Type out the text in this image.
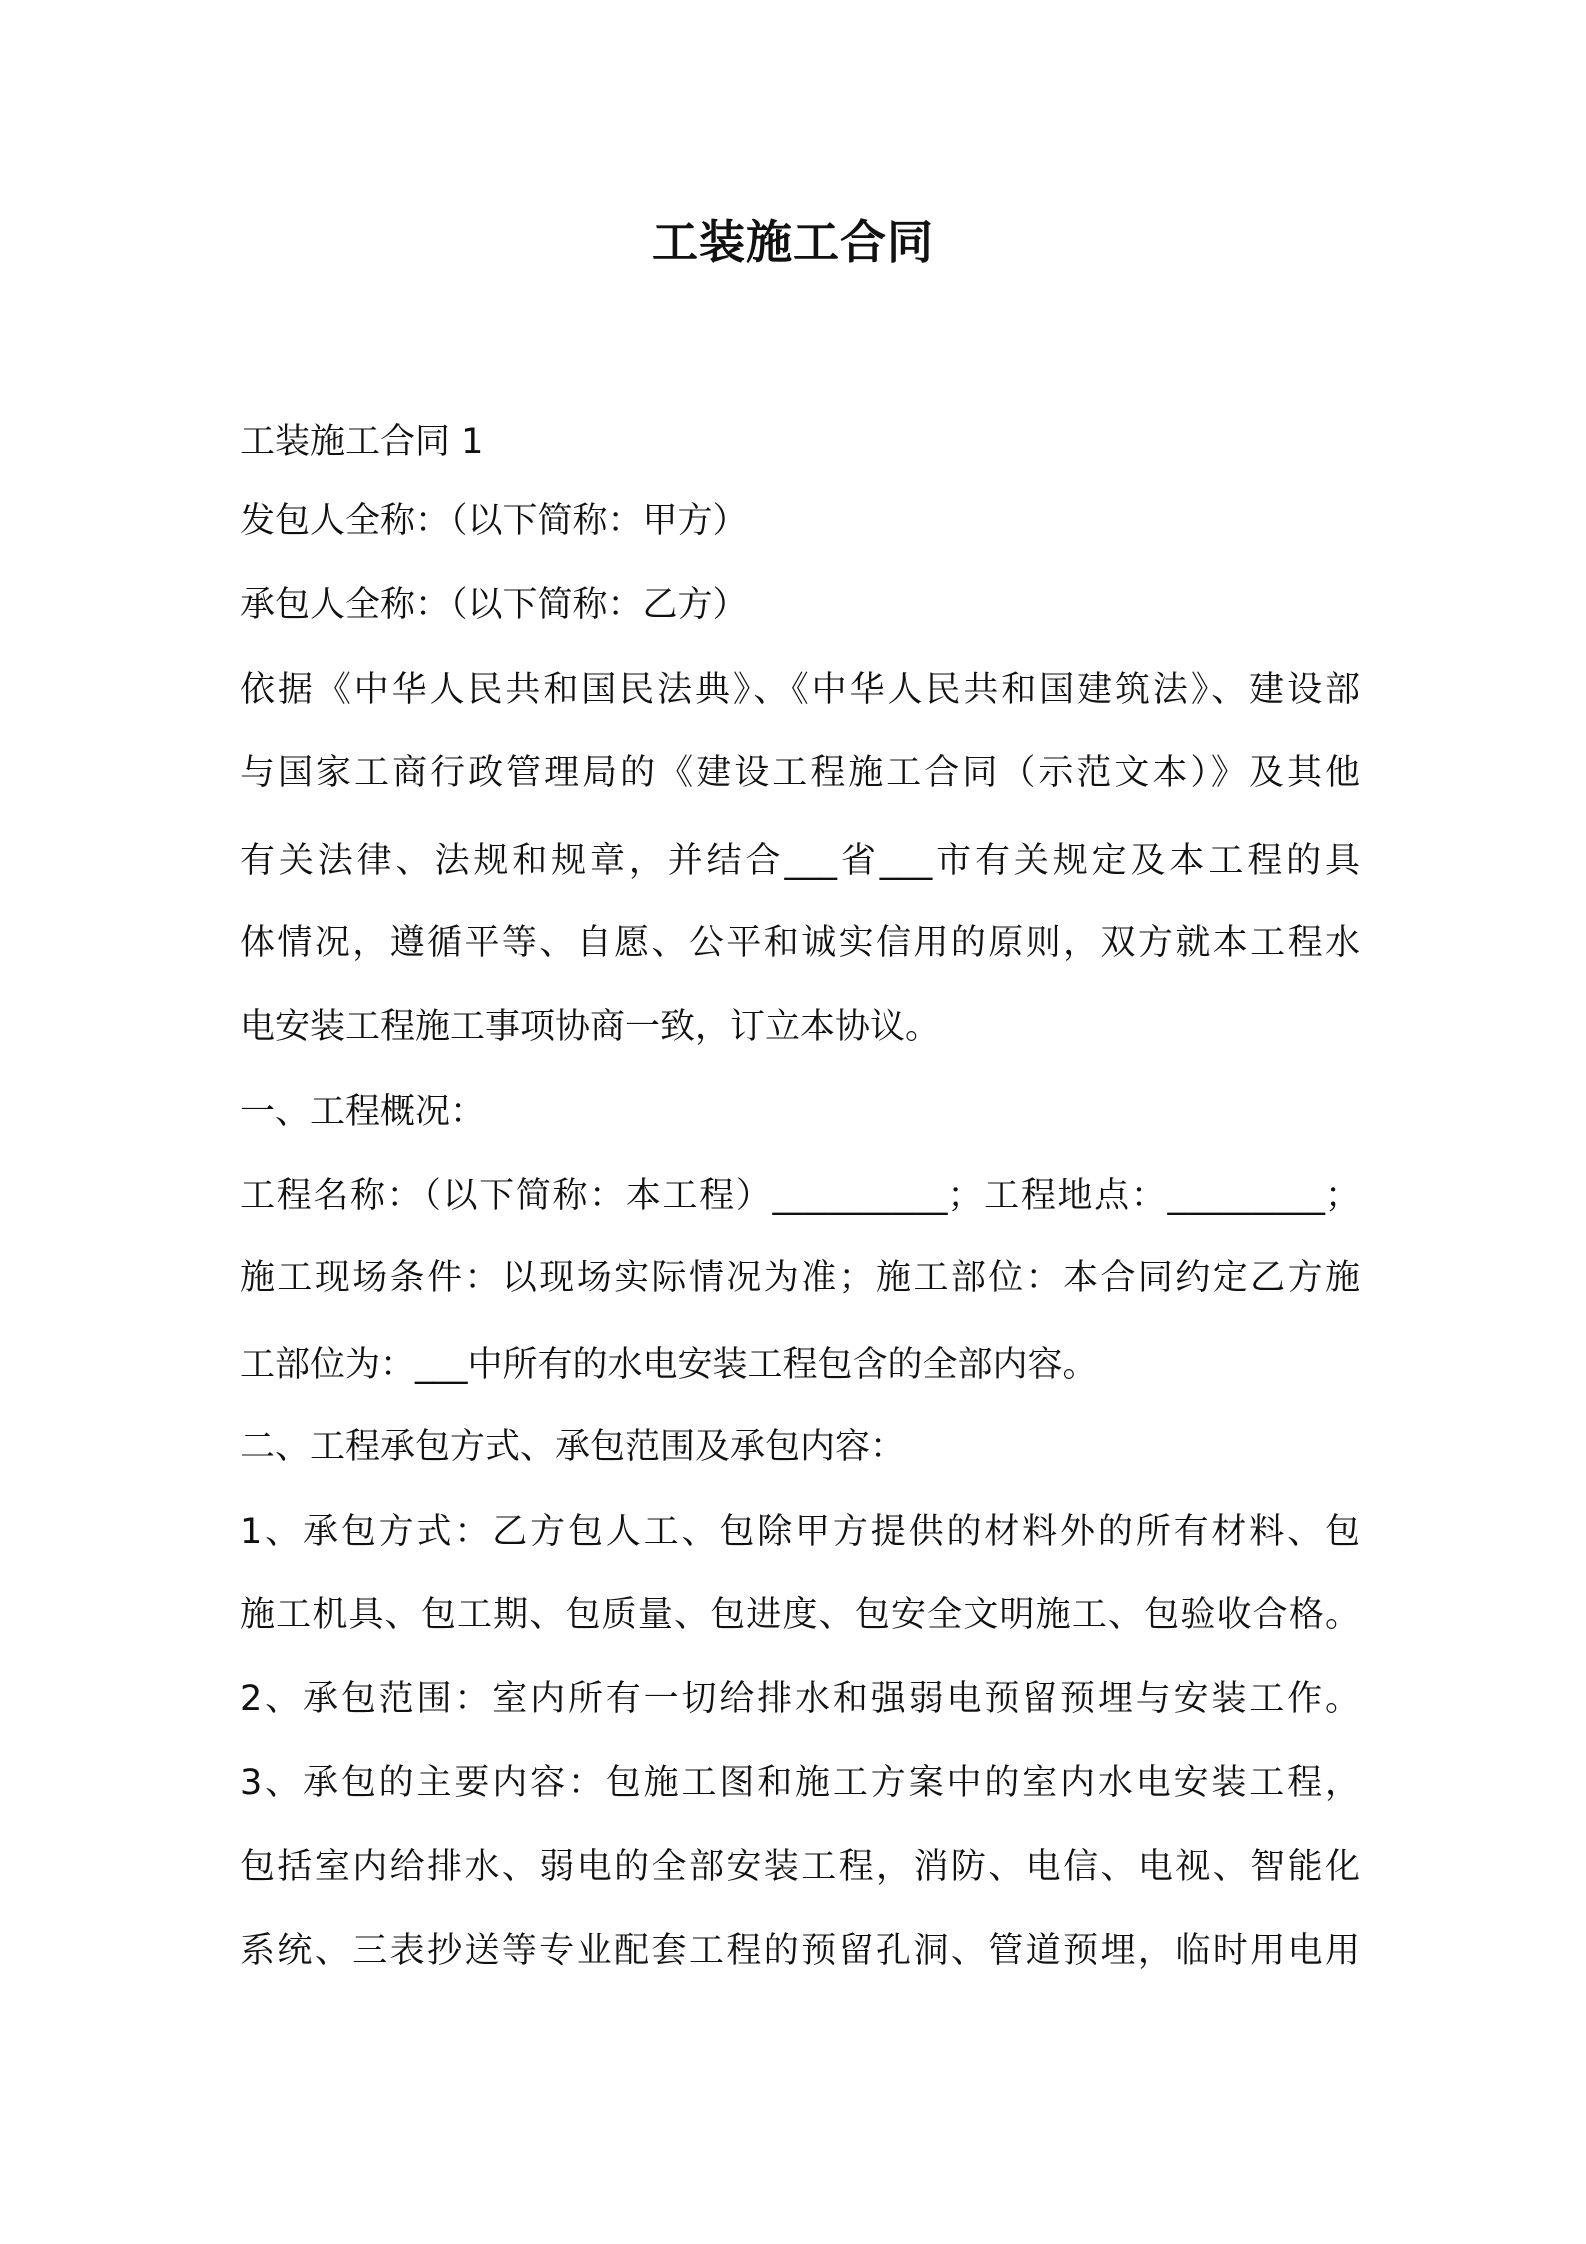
工装施工合同
工装施工合同 1
发包人全称：（以下简称：甲方）
承包人全称：（以下简称：乙方）
依据《中华人民共和国民法典》、《中华人民共和国建筑法》、建设部
与国家工商行政管理局的《建设工程施工合同（示范文本）》及其他
有关法律、法规和规章，并结合___省___市有关规定及本工程的具
体情况，遵循平等、自愿、公平和诚实信用的原则，双方就本工程水
电安装工程施工事项协商一致，订立本协议。
一、工程概况：
工程名称：（以下简称：本工程）__________；工程地点：_________；
施工现场条件：以现场实际情况为准；施工部位：本合同约定乙方施
工部位为：___中所有的水电安装工程包含的全部内容。
二、工程承包方式、承包范围及承包内容：
1、承包方式：乙方包人工、包除甲方提供的材料外的所有材料、包
施工机具、包工期、包质量、包进度、包安全文明施工、包验收合格。
2、承包范围：室内所有一切给排水和强弱电预留预埋与安装工作。
3、承包的主要内容：包施工图和施工方案中的室内水电安装工程，
包括室内给排水、弱电的全部安装工程，消防、电信、电视、智能化
系统、三表抄送等专业配套工程的预留孔洞、管道预埋，临时用电用
